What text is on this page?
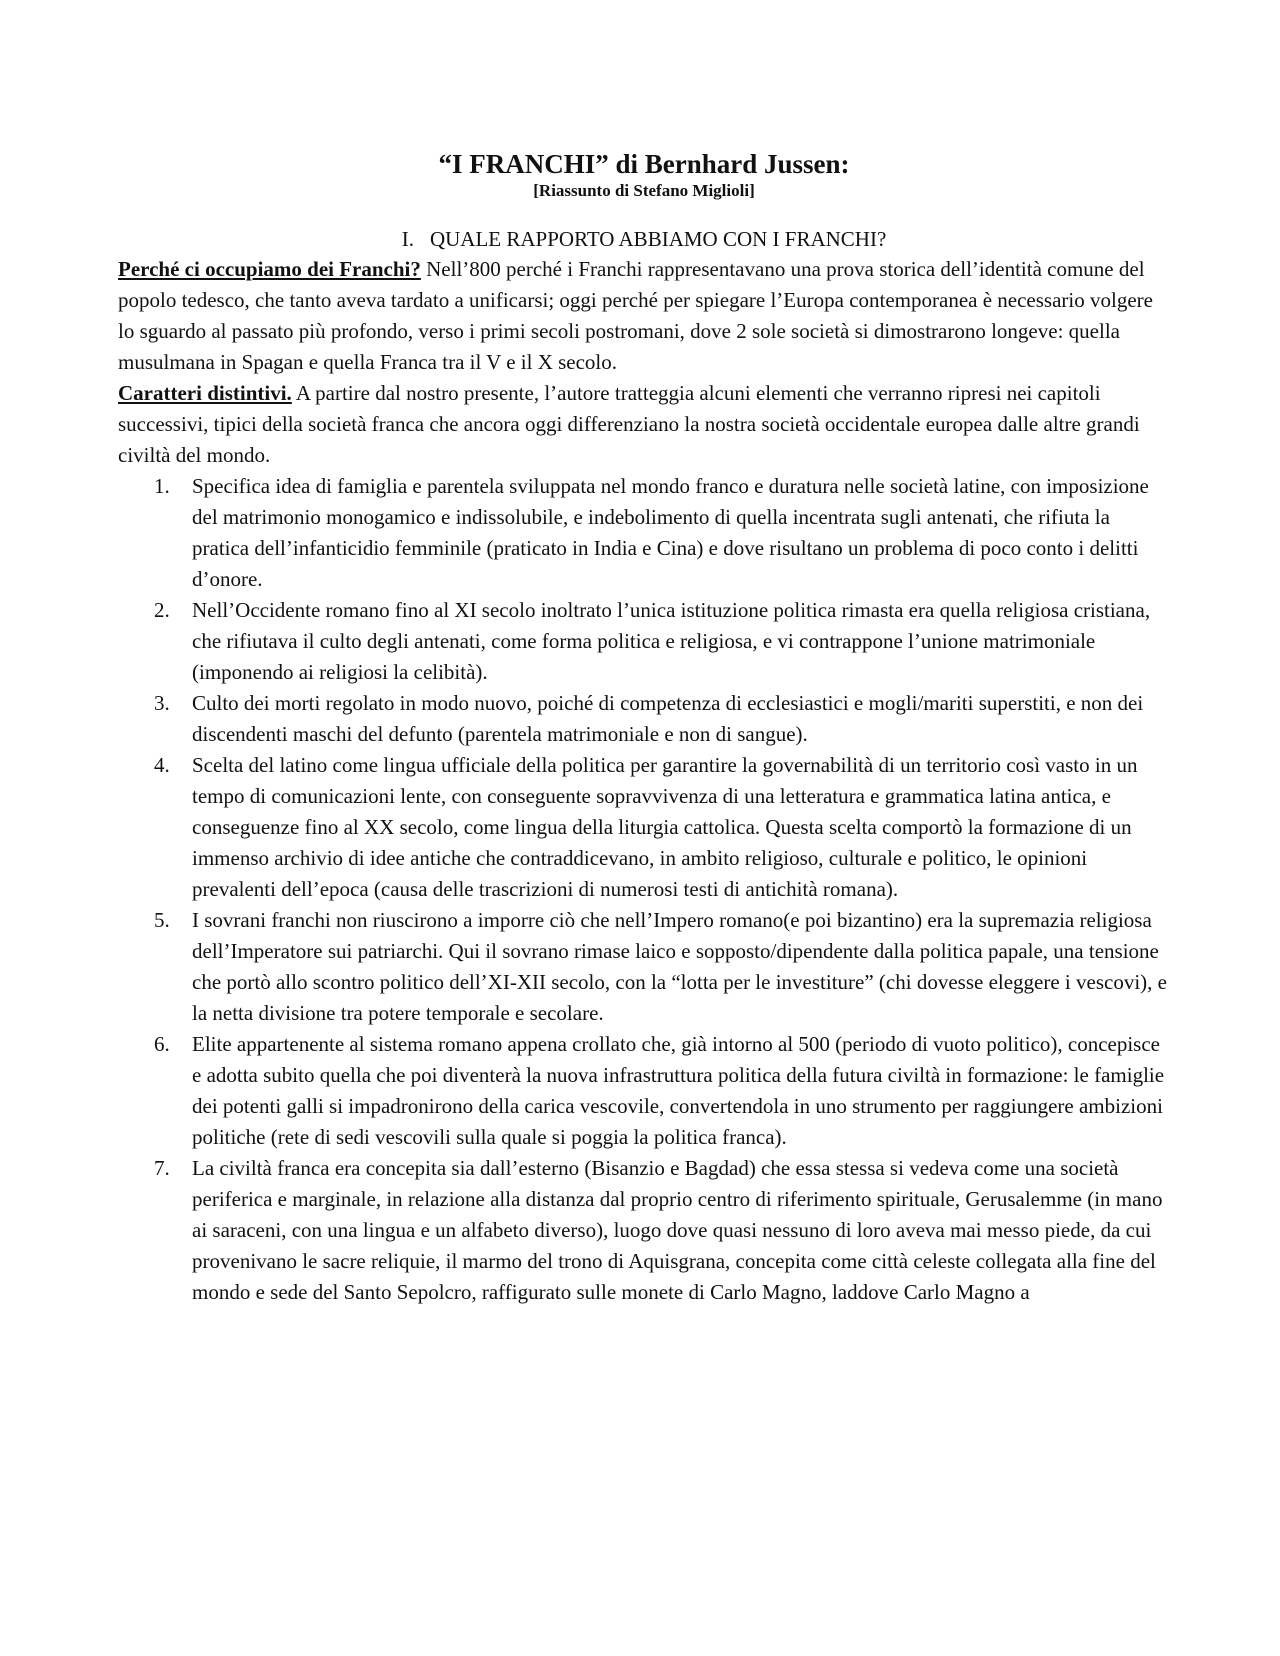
“I FRANCHI” di Bernhard Jussen:
[Riassunto di Stefano Miglioli]
I. QUALE RAPPORTO ABBIAMO CON I FRANCHI?

Perché ci occupiamo dei Franchi? Nell’800 perché i Franchi rappresentavano una prova storica dell’identità comune del popolo tedesco, che tanto aveva tardato a unificarsi; oggi perché per spiegare l’Europa contemporanea è necessario volgere lo sguardo al passato più profondo, verso i primi secoli postromani, dove 2 sole società si dimostrarono longeve: quella musulmana in Spagan e quella Franca tra il V e il X secolo.

Caratteri distintivi. A partire dal nostro presente, l’autore tratteggia alcuni elementi che verranno ripresi nei capitoli successivi, tipici della società franca che ancora oggi differenziano la nostra società occidentale europea dalle altre grandi civiltà del mondo.

1. Specifica idea di famiglia e parentela sviluppata nel mondo franco e duratura nelle società latine, con imposizione del matrimonio monogamico e indissolubile, e indebolimento di quella incentrata sugli antenati, che rifiuta la pratica dell’infanticidio femminile (praticato in India e Cina) e dove risultano un problema di poco conto i delitti d’onore.
2. Nell’Occidente romano fino al XI secolo inoltrato l’unica istituzione politica rimasta era quella religiosa cristiana, che rifiutava il culto degli antenati, come forma politica e religiosa, e vi contrappone l’unione matrimoniale (imponendo ai religiosi la celibità).
3. Culto dei morti regolato in modo nuovo, poiché di competenza di ecclesiastici e mogli/mariti superstiti, e non dei discendenti maschi del defunto (parentela matrimoniale e non di sangue).
4. Scelta del latino come lingua ufficiale della politica per garantire la governabilità di un territorio così vasto in un tempo di comunicazioni lente, con conseguente sopravvivenza di una letteratura e grammatica latina antica, e conseguenze fino al XX secolo, come lingua della liturgia cattolica. Questa scelta comportò la formazione di un immenso archivio di idee antiche che contraddicevano, in ambito religioso, culturale e politico, le opinioni prevalenti dell’epoca (causa delle trascrizioni di numerosi testi di antichità romana).
5. I sovrani franchi non riuscirono a imporre ciò che nell’Impero romano(e poi bizantino) era la supremazia religiosa dell’Imperatore sui patriarchi. Qui il sovrano rimase laico e sopposto/dipendente dalla politica papale, una tensione che portò allo scontro politico dell’XI-XII secolo, con la “lotta per le investiture” (chi dovesse eleggere i vescovi), e la netta divisione tra potere temporale e secolare.
6. Elite appartenente al sistema romano appena crollato che, già intorno al 500 (periodo di vuoto politico), concepisce e adotta subito quella che poi diventerà la nuova infrastruttura politica della futura civiltà in formazione: le famiglie dei potenti galli si impadronirono della carica vescovile, convertendola in uno strumento per raggiungere ambizioni politiche (rete di sedi vescovili sulla quale si poggia la politica franca).
7. La civiltà franca era concepita sia dall’esterno (Bisanzio e Bagdad) che essa stessa si vedeva come una società periferica e marginale, in relazione alla distanza dal proprio centro di riferimento spirituale, Gerusalemme (in mano ai saraceni, con una lingua e un alfabeto diverso), luogo dove quasi nessuno di loro aveva mai messo piede, da cui provenivano le sacre reliquie, il marmo del trono di Aquisgrana, concepita come città celeste collegata alla fine del mondo e sede del Santo Sepolcro, raffigurato sulle monete di Carlo Magno, laddove Carlo Magno a
